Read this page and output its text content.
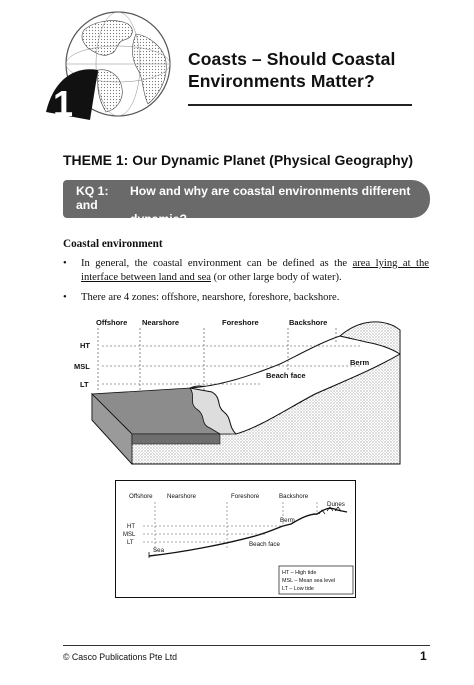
1
Coasts – Should Coastal
Environments Matter?
THEME 1: Our Dynamic Planet (Physical Geography)
KQ 1: How and why are coastal environments different and
dynamic?
Coastal environment
•	In general, the coastal environment can be defined as the area lying at the interface between land and sea (or other large body of water).
•	There are 4 zones: offshore, nearshore, foreshore, backshore.
Offshore Nearshore	Foreshore	Backshore
HT
MSL
LT
Beach face
Berm
Offshore Nearshore	Foreshore	Backshore
HT
MSL
LT
Dunes
Berm
Beach face
Sea
HT – High tide
MSL – Mean sea level
LT – Low tide
© Casco Publications Pte Ltd	1
